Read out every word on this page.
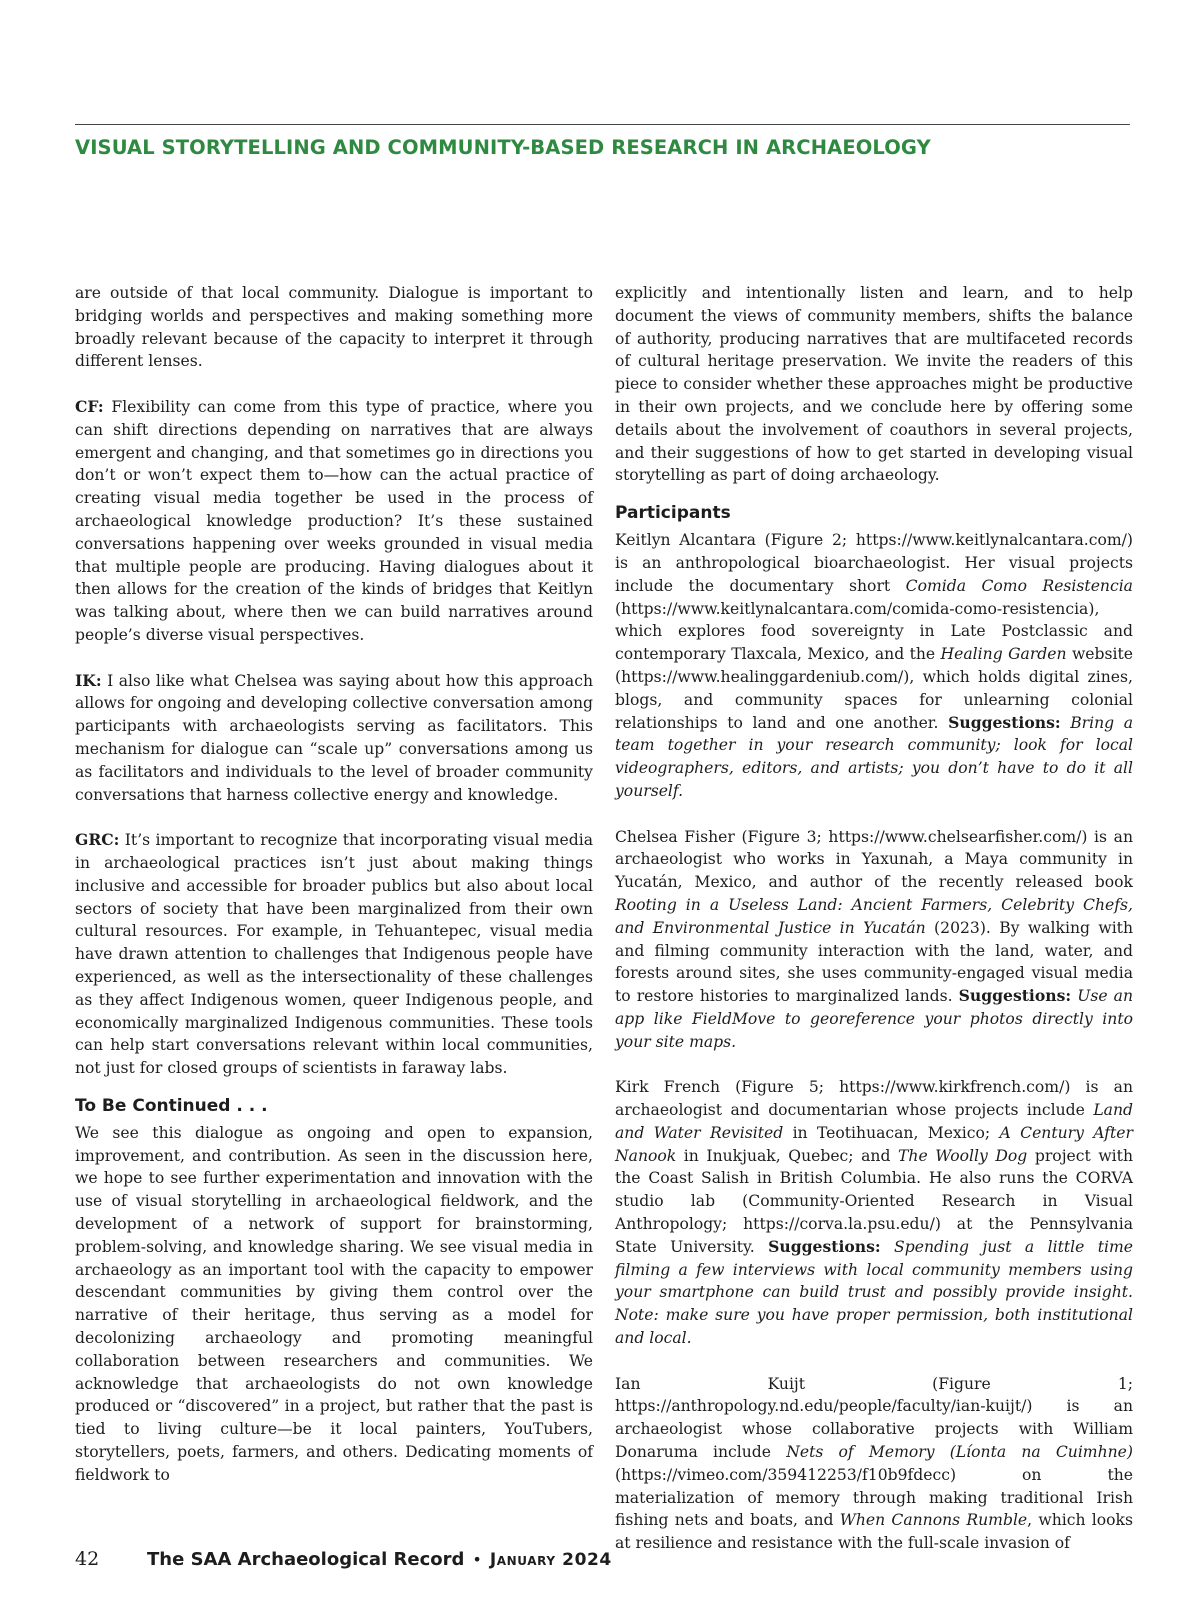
VISUAL STORYTELLING AND COMMUNITY-BASED RESEARCH IN ARCHAEOLOGY

are outside of that local community. Dialogue is important to bridging worlds and perspectives and making something more broadly relevant because of the capacity to interpret it through different lenses.

CF: Flexibility can come from this type of practice, where you can shift directions depending on narratives that are always emergent and changing, and that sometimes go in directions you don’t or won’t expect them to—how can the actual practice of creating visual media together be used in the process of archaeological knowledge production? It’s these sustained conversations happening over weeks grounded in visual media that multiple people are producing. Having dialogues about it then allows for the creation of the kinds of bridges that Keitlyn was talking about, where then we can build narratives around people’s diverse visual perspectives.

IK: I also like what Chelsea was saying about how this approach allows for ongoing and developing collective conversation among participants with archaeologists serving as facilitators. This mechanism for dialogue can “scale up” conversations among us as facilitators and individuals to the level of broader community conversations that harness collective energy and knowledge.

GRC: It’s important to recognize that incorporating visual media in archaeological practices isn’t just about making things inclusive and accessible for broader publics but also about local sectors of society that have been marginalized from their own cultural resources. For example, in Tehuantepec, visual media have drawn attention to challenges that Indigenous people have experienced, as well as the intersectionality of these challenges as they affect Indigenous women, queer Indigenous people, and economically marginalized Indigenous communities. These tools can help start conversations relevant within local communities, not just for closed groups of scientists in faraway labs.

To Be Continued . . .

We see this dialogue as ongoing and open to expansion, improvement, and contribution. As seen in the discussion here, we hope to see further experimentation and innovation with the use of visual storytelling in archaeological fieldwork, and the development of a network of support for brainstorming, problem-solving, and knowledge sharing. We see visual media in archaeology as an important tool with the capacity to empower descendant communities by giving them control over the narrative of their heritage, thus serving as a model for decolonizing archaeology and promoting meaningful collaboration between researchers and communities. We acknowledge that archaeologists do not own knowledge produced or “discovered” in a project, but rather that the past is tied to living culture—be it local painters, YouTubers, storytellers, poets, farmers, and others. Dedicating moments of fieldwork to

explicitly and intentionally listen and learn, and to help document the views of community members, shifts the balance of authority, producing narratives that are multifaceted records of cultural heritage preservation. We invite the readers of this piece to consider whether these approaches might be productive in their own projects, and we conclude here by offering some details about the involvement of coauthors in several projects, and their suggestions of how to get started in developing visual storytelling as part of doing archaeology.

Participants

Keitlyn Alcantara (Figure 2; https://www.keitlynalcantara.com/) is an anthropological bioarchaeologist. Her visual projects include the documentary short Comida Como Resistencia (https://www.keitlynalcantara.com/comida-como-resistencia), which explores food sovereignty in Late Postclassic and contemporary Tlaxcala, Mexico, and the Healing Garden website (https://www.healinggardeniub.com/), which holds digital zines, blogs, and community spaces for unlearning colonial relationships to land and one another. Suggestions: Bring a team together in your research community; look for local videographers, editors, and artists; you don’t have to do it all yourself.

Chelsea Fisher (Figure 3; https://www.chelsearfisher.com/) is an archaeologist who works in Yaxunah, a Maya community in Yucatán, Mexico, and author of the recently released book Rooting in a Useless Land: Ancient Farmers, Celebrity Chefs, and Environmental Justice in Yucatán (2023). By walking with and filming community interaction with the land, water, and forests around sites, she uses community-engaged visual media to restore histories to marginalized lands. Suggestions: Use an app like FieldMove to georeference your photos directly into your site maps.

Kirk French (Figure 5; https://www.kirkfrench.com/) is an archaeologist and documentarian whose projects include Land and Water Revisited in Teotihuacan, Mexico; A Century After Nanook in Inukjuak, Quebec; and The Woolly Dog project with the Coast Salish in British Columbia. He also runs the CORVA studio lab (Community-Oriented Research in Visual Anthropology; https://corva.la.psu.edu/) at the Pennsylvania State University. Suggestions: Spending just a little time filming a few interviews with local community members using your smartphone can build trust and possibly provide insight. Note: make sure you have proper permission, both institutional and local.

Ian Kuijt (Figure 1; https://anthropology.nd.edu/people/faculty/ian-kuijt/) is an archaeologist whose collaborative projects with William Donaruma include Nets of Memory (Líonta na Cuimhne) (https://vimeo.com/359412253/f10b9fdecc) on the materialization of memory through making traditional Irish fishing nets and boats, and When Cannons Rumble, which looks at resilience and resistance with the full-scale invasion of

42	The SAA Archaeological Record • January 2024
